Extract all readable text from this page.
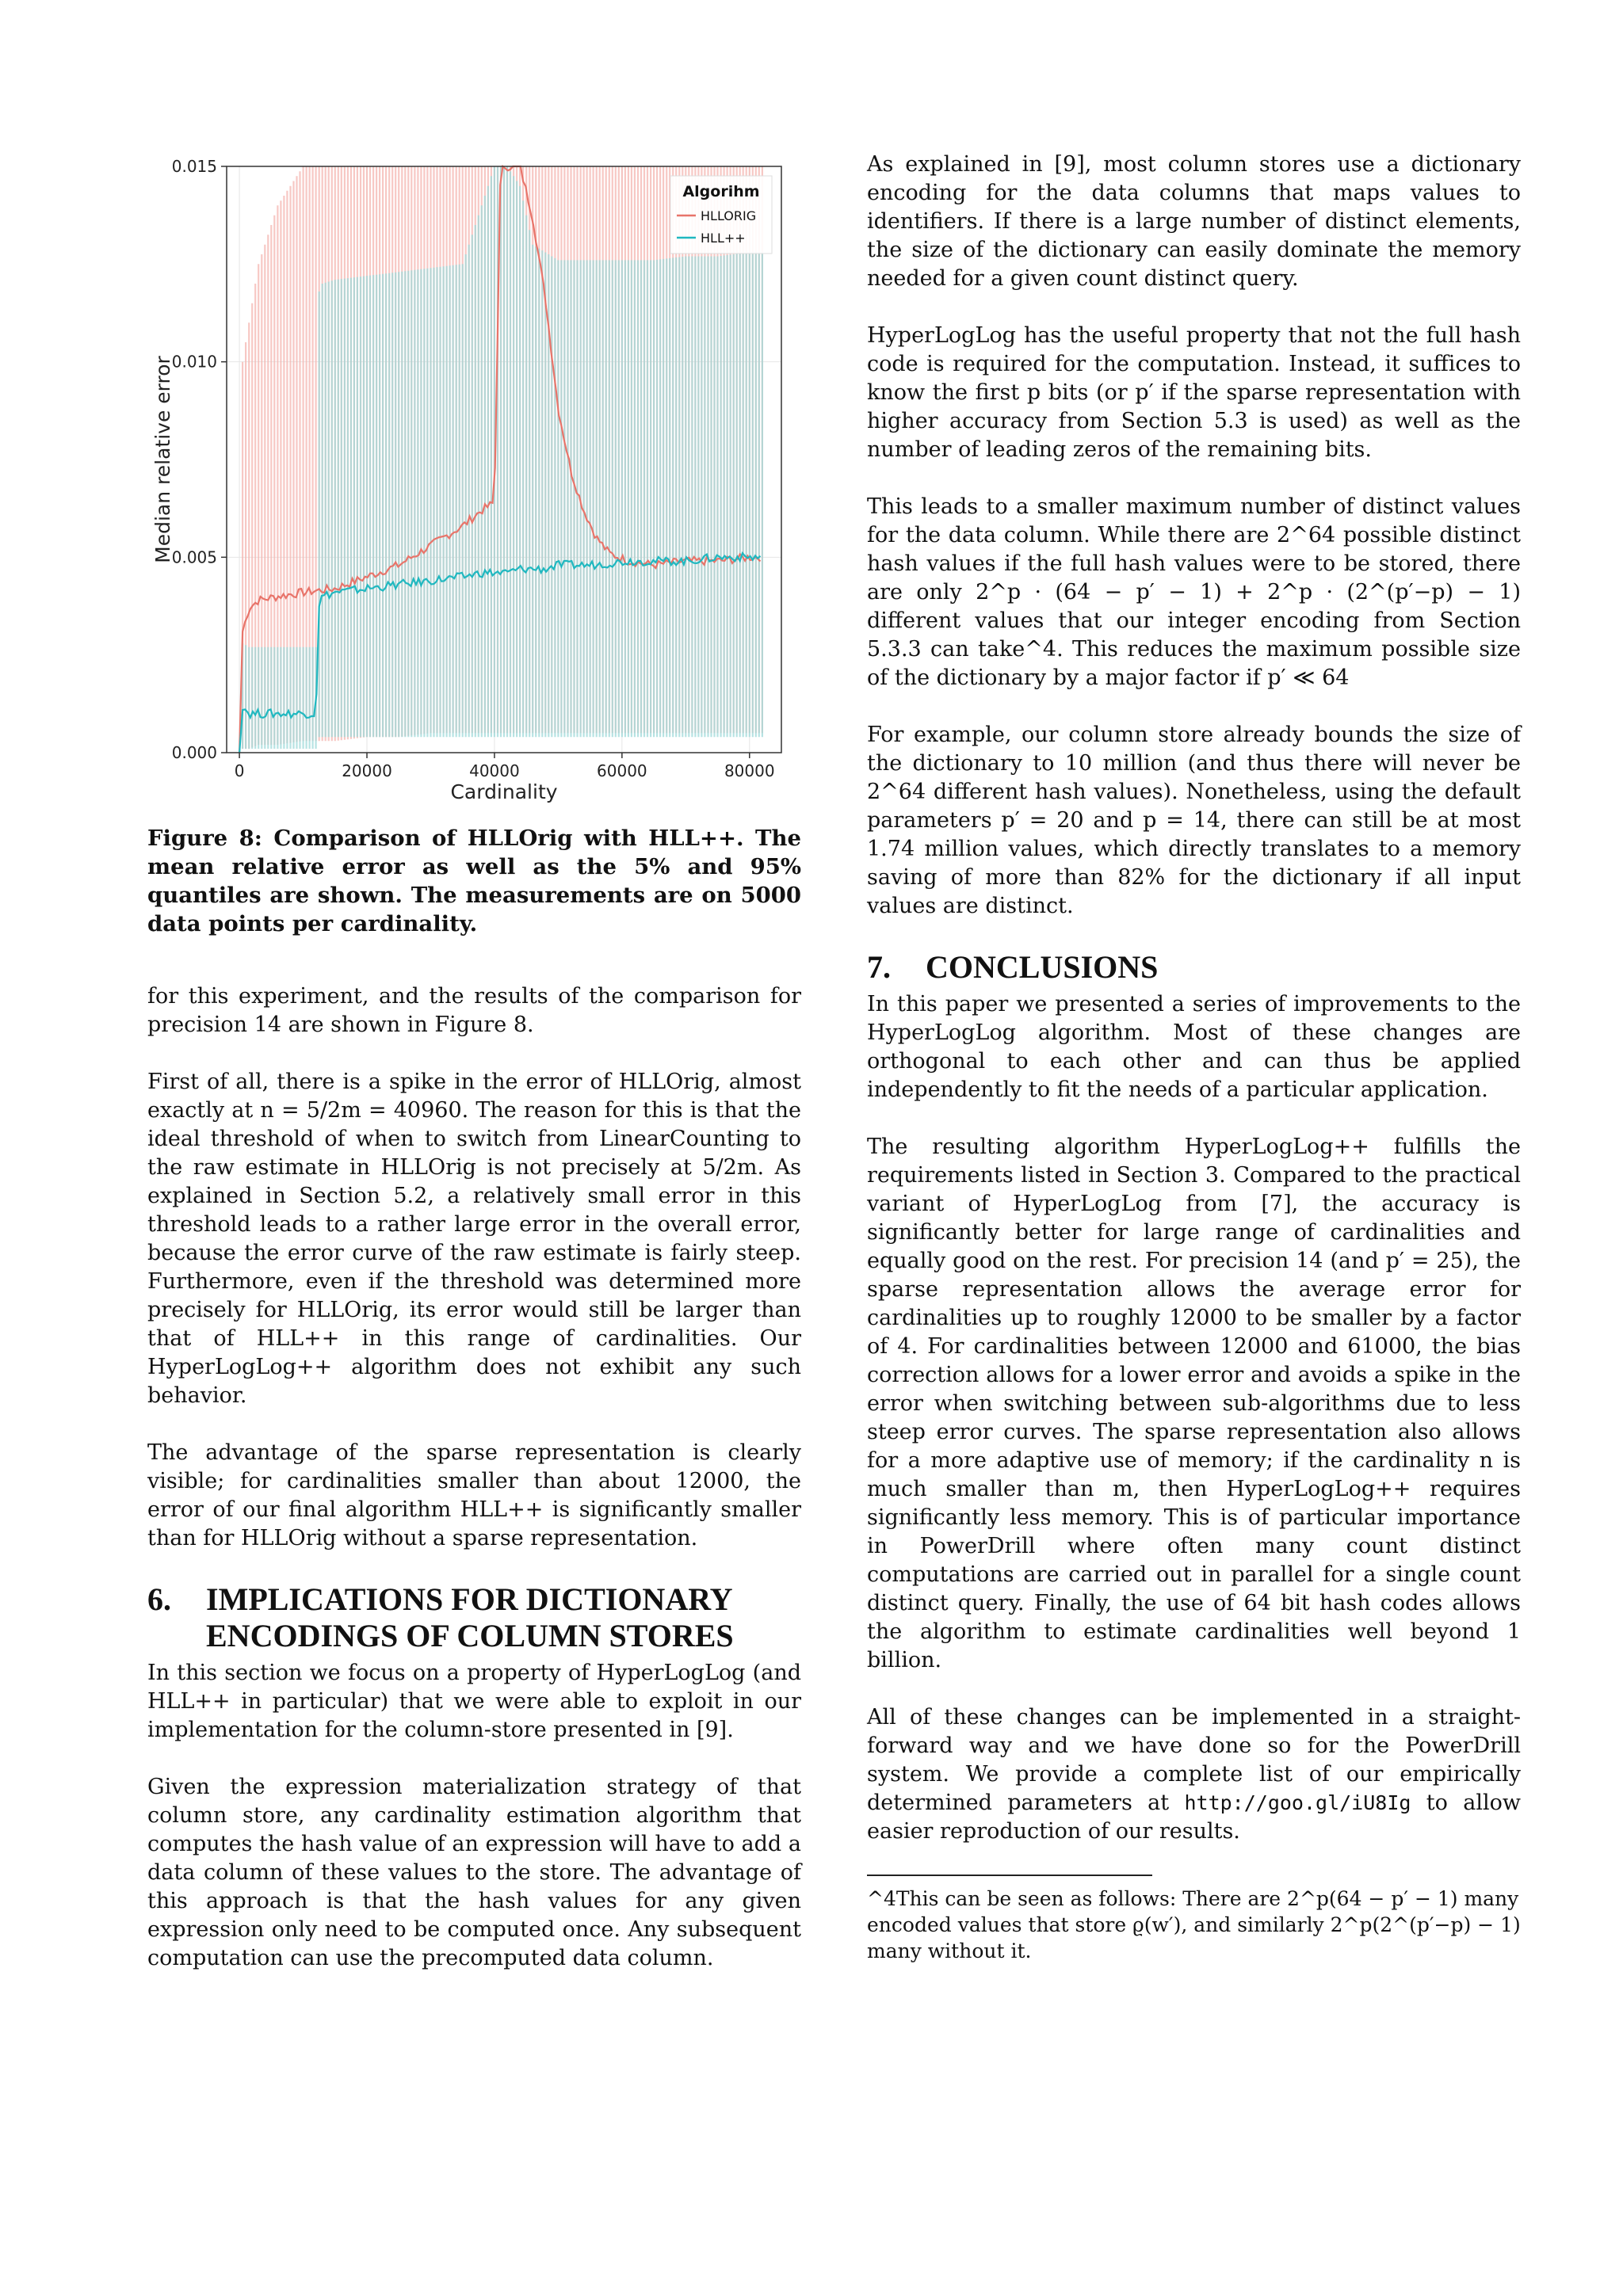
0.000
0.005
0.010
0.015
0	20000	40000	60000	80000
Cardinality
Median relative error
Algorihm
HLLORIG
HLL++

Figure 8: Comparison of HLLOrig with HLL++. The mean relative error as well as the 5% and 95% quantiles are shown. The measurements are on 5000 data points per cardinality.

for this experiment, and the results of the comparison for precision 14 are shown in Figure 8.

First of all, there is a spike in the error of HLLOrig, almost exactly at n = 5/2m = 40960. The reason for this is that the ideal threshold of when to switch from LinearCounting to the raw estimate in HLLOrig is not precisely at 5/2m. As explained in Section 5.2, a relatively small error in this threshold leads to a rather large error in the overall error, because the error curve of the raw estimate is fairly steep. Furthermore, even if the threshold was determined more precisely for HLLOrig, its error would still be larger than that of HLL++ in this range of cardinalities. Our HyperLogLog++ algorithm does not exhibit any such behavior.

The advantage of the sparse representation is clearly visible; for cardinalities smaller than about 12000, the error of our final algorithm HLL++ is significantly smaller than for HLLOrig without a sparse representation.

6.	IMPLICATIONS FOR DICTIONARY ENCODINGS OF COLUMN STORES

In this section we focus on a property of HyperLogLog (and HLL++ in particular) that we were able to exploit in our implementation for the column-store presented in [9].

Given the expression materialization strategy of that column store, any cardinality estimation algorithm that computes the hash value of an expression will have to add a data column of these values to the store. The advantage of this approach is that the hash values for any given expression only need to be computed once. Any subsequent computation can use the precomputed data column.

As explained in [9], most column stores use a dictionary encoding for the data columns that maps values to identifiers. If there is a large number of distinct elements, the size of the dictionary can easily dominate the memory needed for a given count distinct query.

HyperLogLog has the useful property that not the full hash code is required for the computation. Instead, it suffices to know the first p bits (or p′ if the sparse representation with higher accuracy from Section 5.3 is used) as well as the number of leading zeros of the remaining bits.

This leads to a smaller maximum number of distinct values for the data column. While there are 2^64 possible distinct hash values if the full hash values were to be stored, there are only 2^p · (64 − p′ − 1) + 2^p · (2^(p′−p) − 1) different values that our integer encoding from Section 5.3.3 can take^4. This reduces the maximum possible size of the dictionary by a major factor if p′ ≪ 64

For example, our column store already bounds the size of the dictionary to 10 million (and thus there will never be 2^64 different hash values). Nonetheless, using the default parameters p′ = 20 and p = 14, there can still be at most 1.74 million values, which directly translates to a memory saving of more than 82% for the dictionary if all input values are distinct.

7.	CONCLUSIONS

In this paper we presented a series of improvements to the HyperLogLog algorithm. Most of these changes are orthogonal to each other and can thus be applied independently to fit the needs of a particular application.

The resulting algorithm HyperLogLog++ fulfills the requirements listed in Section 3. Compared to the practical variant of HyperLogLog from [7], the accuracy is significantly better for large range of cardinalities and equally good on the rest. For precision 14 (and p′ = 25), the sparse representation allows the average error for cardinalities up to roughly 12000 to be smaller by a factor of 4. For cardinalities between 12000 and 61000, the bias correction allows for a lower error and avoids a spike in the error when switching between sub-algorithms due to less steep error curves. The sparse representation also allows for a more adaptive use of memory; if the cardinality n is much smaller than m, then HyperLogLog++ requires significantly less memory. This is of particular importance in PowerDrill where often many count distinct computations are carried out in parallel for a single count distinct query. Finally, the use of 64 bit hash codes allows the algorithm to estimate cardinalities well beyond 1 billion.

All of these changes can be implemented in a straight-forward way and we have done so for the PowerDrill system. We provide a complete list of our empirically determined parameters at http://goo.gl/iU8Ig to allow easier reproduction of our results.

^4This can be seen as follows: There are 2^p(64 − p′ − 1) many encoded values that store ϱ(w′), and similarly 2^p(2^(p′−p) − 1) many without it.
